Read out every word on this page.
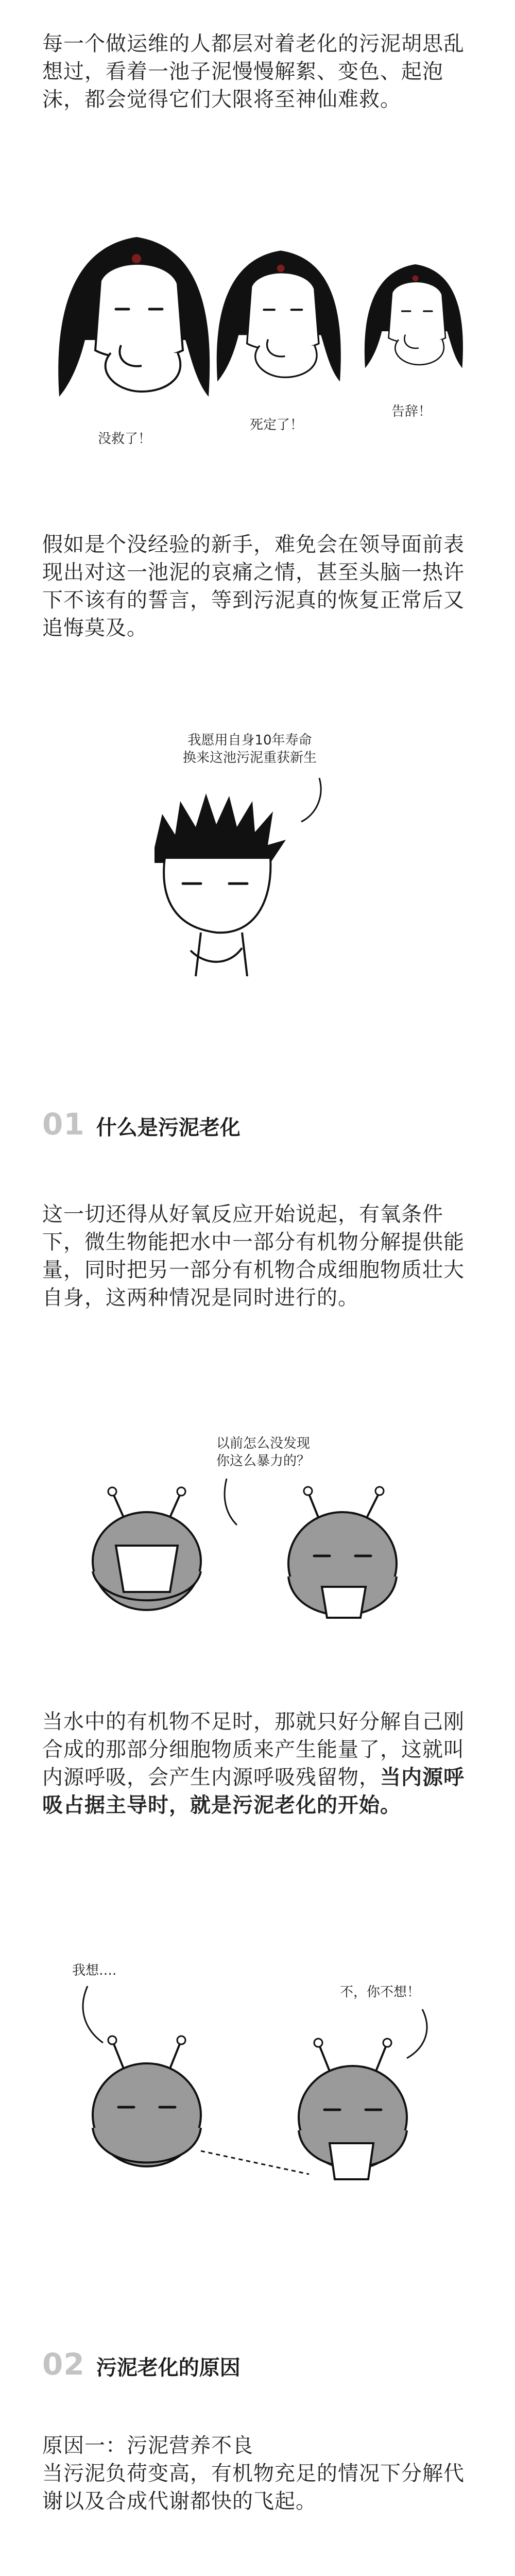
每一个做运维的人都层对着老化的污泥胡思乱想过，看着一池子泥慢慢解絮、变色、起泡沫，都会觉得它们大限将至神仙难救。

没救了！
死定了！
告辞！

假如是个没经验的新手，难免会在领导面前表现出对这一池泥的哀痛之情，甚至头脑一热许下不该有的誓言，等到污泥真的恢复正常后又追悔莫及。

我愿用自身10年寿命
换来这池污泥重获新生
01 什么是污泥老化

这一切还得从好氧反应开始说起，有氧条件下，微生物能把水中一部分有机物分解提供能量，同时把另一部分有机物合成细胞物质壮大自身，这两种情况是同时进行的。

以前怎么没发现
你这么暴力的？

当水中的有机物不足时，那就只好分解自己刚合成的那部分细胞物质来产生能量了，这就叫内源呼吸，会产生内源呼吸残留物，当内源呼吸占据主导时，就是污泥老化的开始。

我想….
不，你不想！
02 污泥老化的原因

原因一：污泥营养不良
当污泥负荷变高，有机物充足的情况下分解代谢以及合成代谢都快的飞起。
